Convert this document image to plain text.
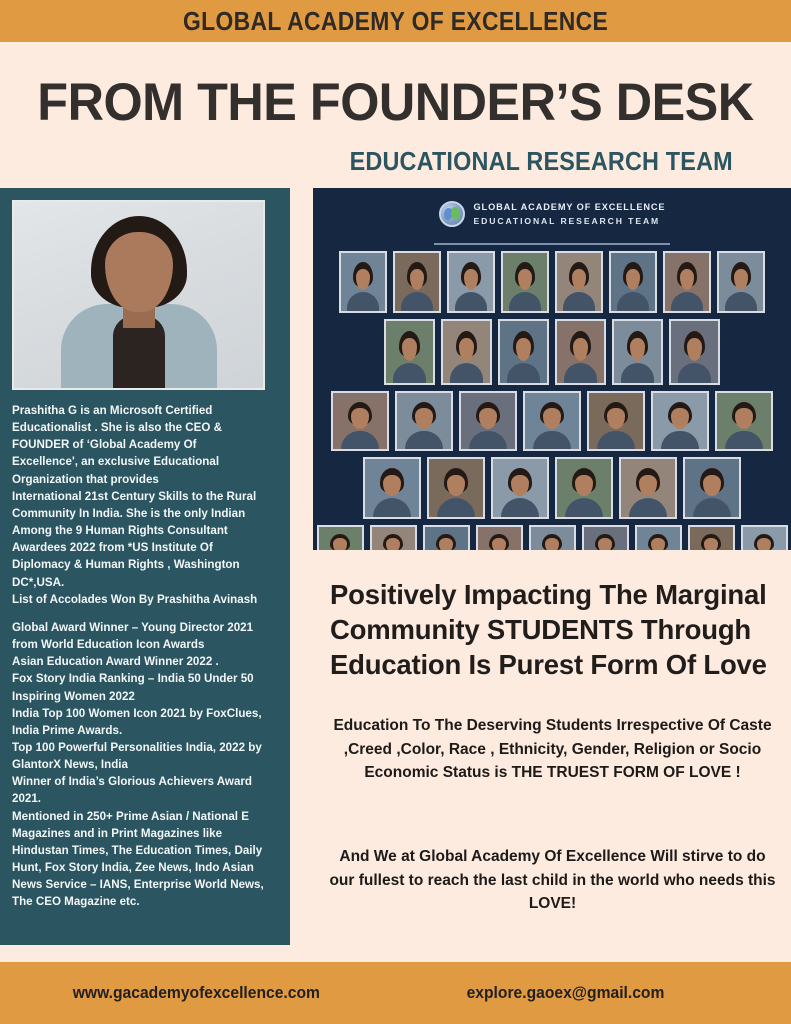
GLOBAL ACADEMY OF EXCELLENCE
FROM THE FOUNDER’S DESK
EDUCATIONAL RESEARCH TEAM

Prashitha G is an Microsoft Certified

Educationalist . She is also the CEO &

FOUNDER of ‘Global Academy Of

Excellence', an exclusive Educational

Organization that provides

International 21st Century Skills to the Rural

Community In India. She is the only Indian

Among the 9 Human Rights Consultant

Awardees 2022 from *US Institute Of

Diplomacy & Human Rights , Washington

DC*,USA.

List of Accolades Won By Prashitha Avinash

Global Award Winner – Young Director 2021

from World Education Icon Awards

Asian Education Award Winner 2022 .

Fox Story India Ranking – India 50 Under 50

Inspiring Women 2022

India Top 100 Women Icon 2021 by FoxClues,

India Prime Awards.

Top 100 Powerful Personalities India, 2022 by

GlantorX News, India

Winner of India’s Glorious Achievers Award

2021.

Mentioned in 250+ Prime Asian / National E

Magazines and in Print Magazines like

Hindustan Times, The Education Times, Daily

Hunt, Fox Story India, Zee News, Indo Asian

News Service – IANS, Enterprise World News,

The CEO Magazine etc.

GLOBAL ACADEMY OF EXCELLENCE
EDUCATIONAL RESEARCH TEAM
Positively Impacting The Marginal Community STUDENTS Through Education Is Purest Form Of Love
Education To The Deserving Students Irrespective Of Caste ,Creed ,Color, Race , Ethnicity, Gender, Religion or Socio Economic Status is THE TRUEST FORM OF LOVE !
And We at Global Academy Of Excellence Will stirve to do our fullest to reach the last child in the world who needs this LOVE!
www.gacademyofexcellence.com	explore.gaoex@gmail.com
